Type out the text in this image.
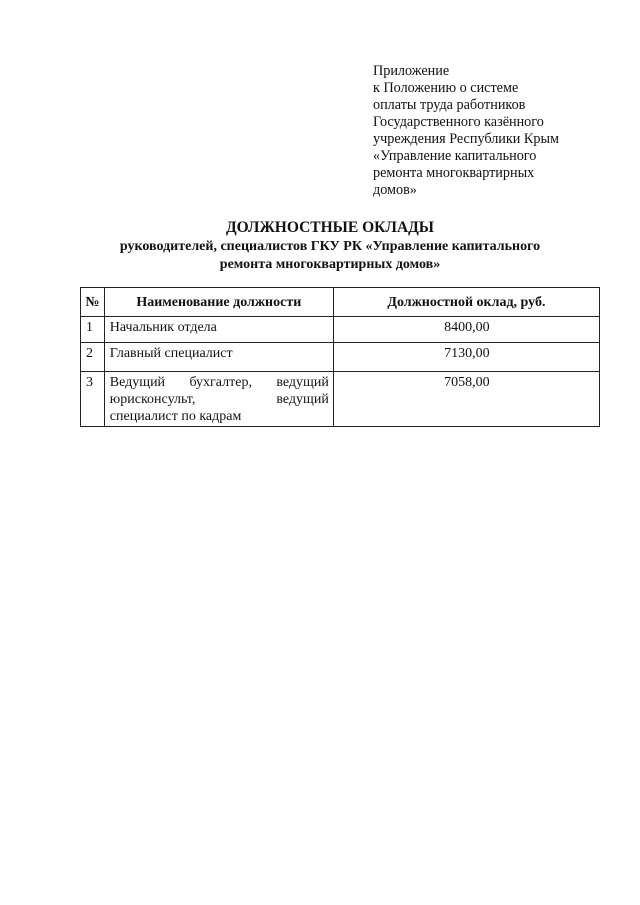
Приложение
к Положению о системе
оплаты труда работников
Государственного казённого
учреждения Республики Крым
«Управление капитального
ремонта многоквартирных
домов»
ДОЛЖНОСТНЫЕ ОКЛАДЫ
руководителей, специалистов ГКУ РК «Управление капитального
ремонта многоквартирных домов»
№	Наименование должности	Должностной оклад, руб.
1	Начальник отдела	8400,00
2	Главный специалист	7130,00
3	Ведущий бухгалтер, ведущий
юрисконсульт, ведущий
специалист по кадрам	7058,00
